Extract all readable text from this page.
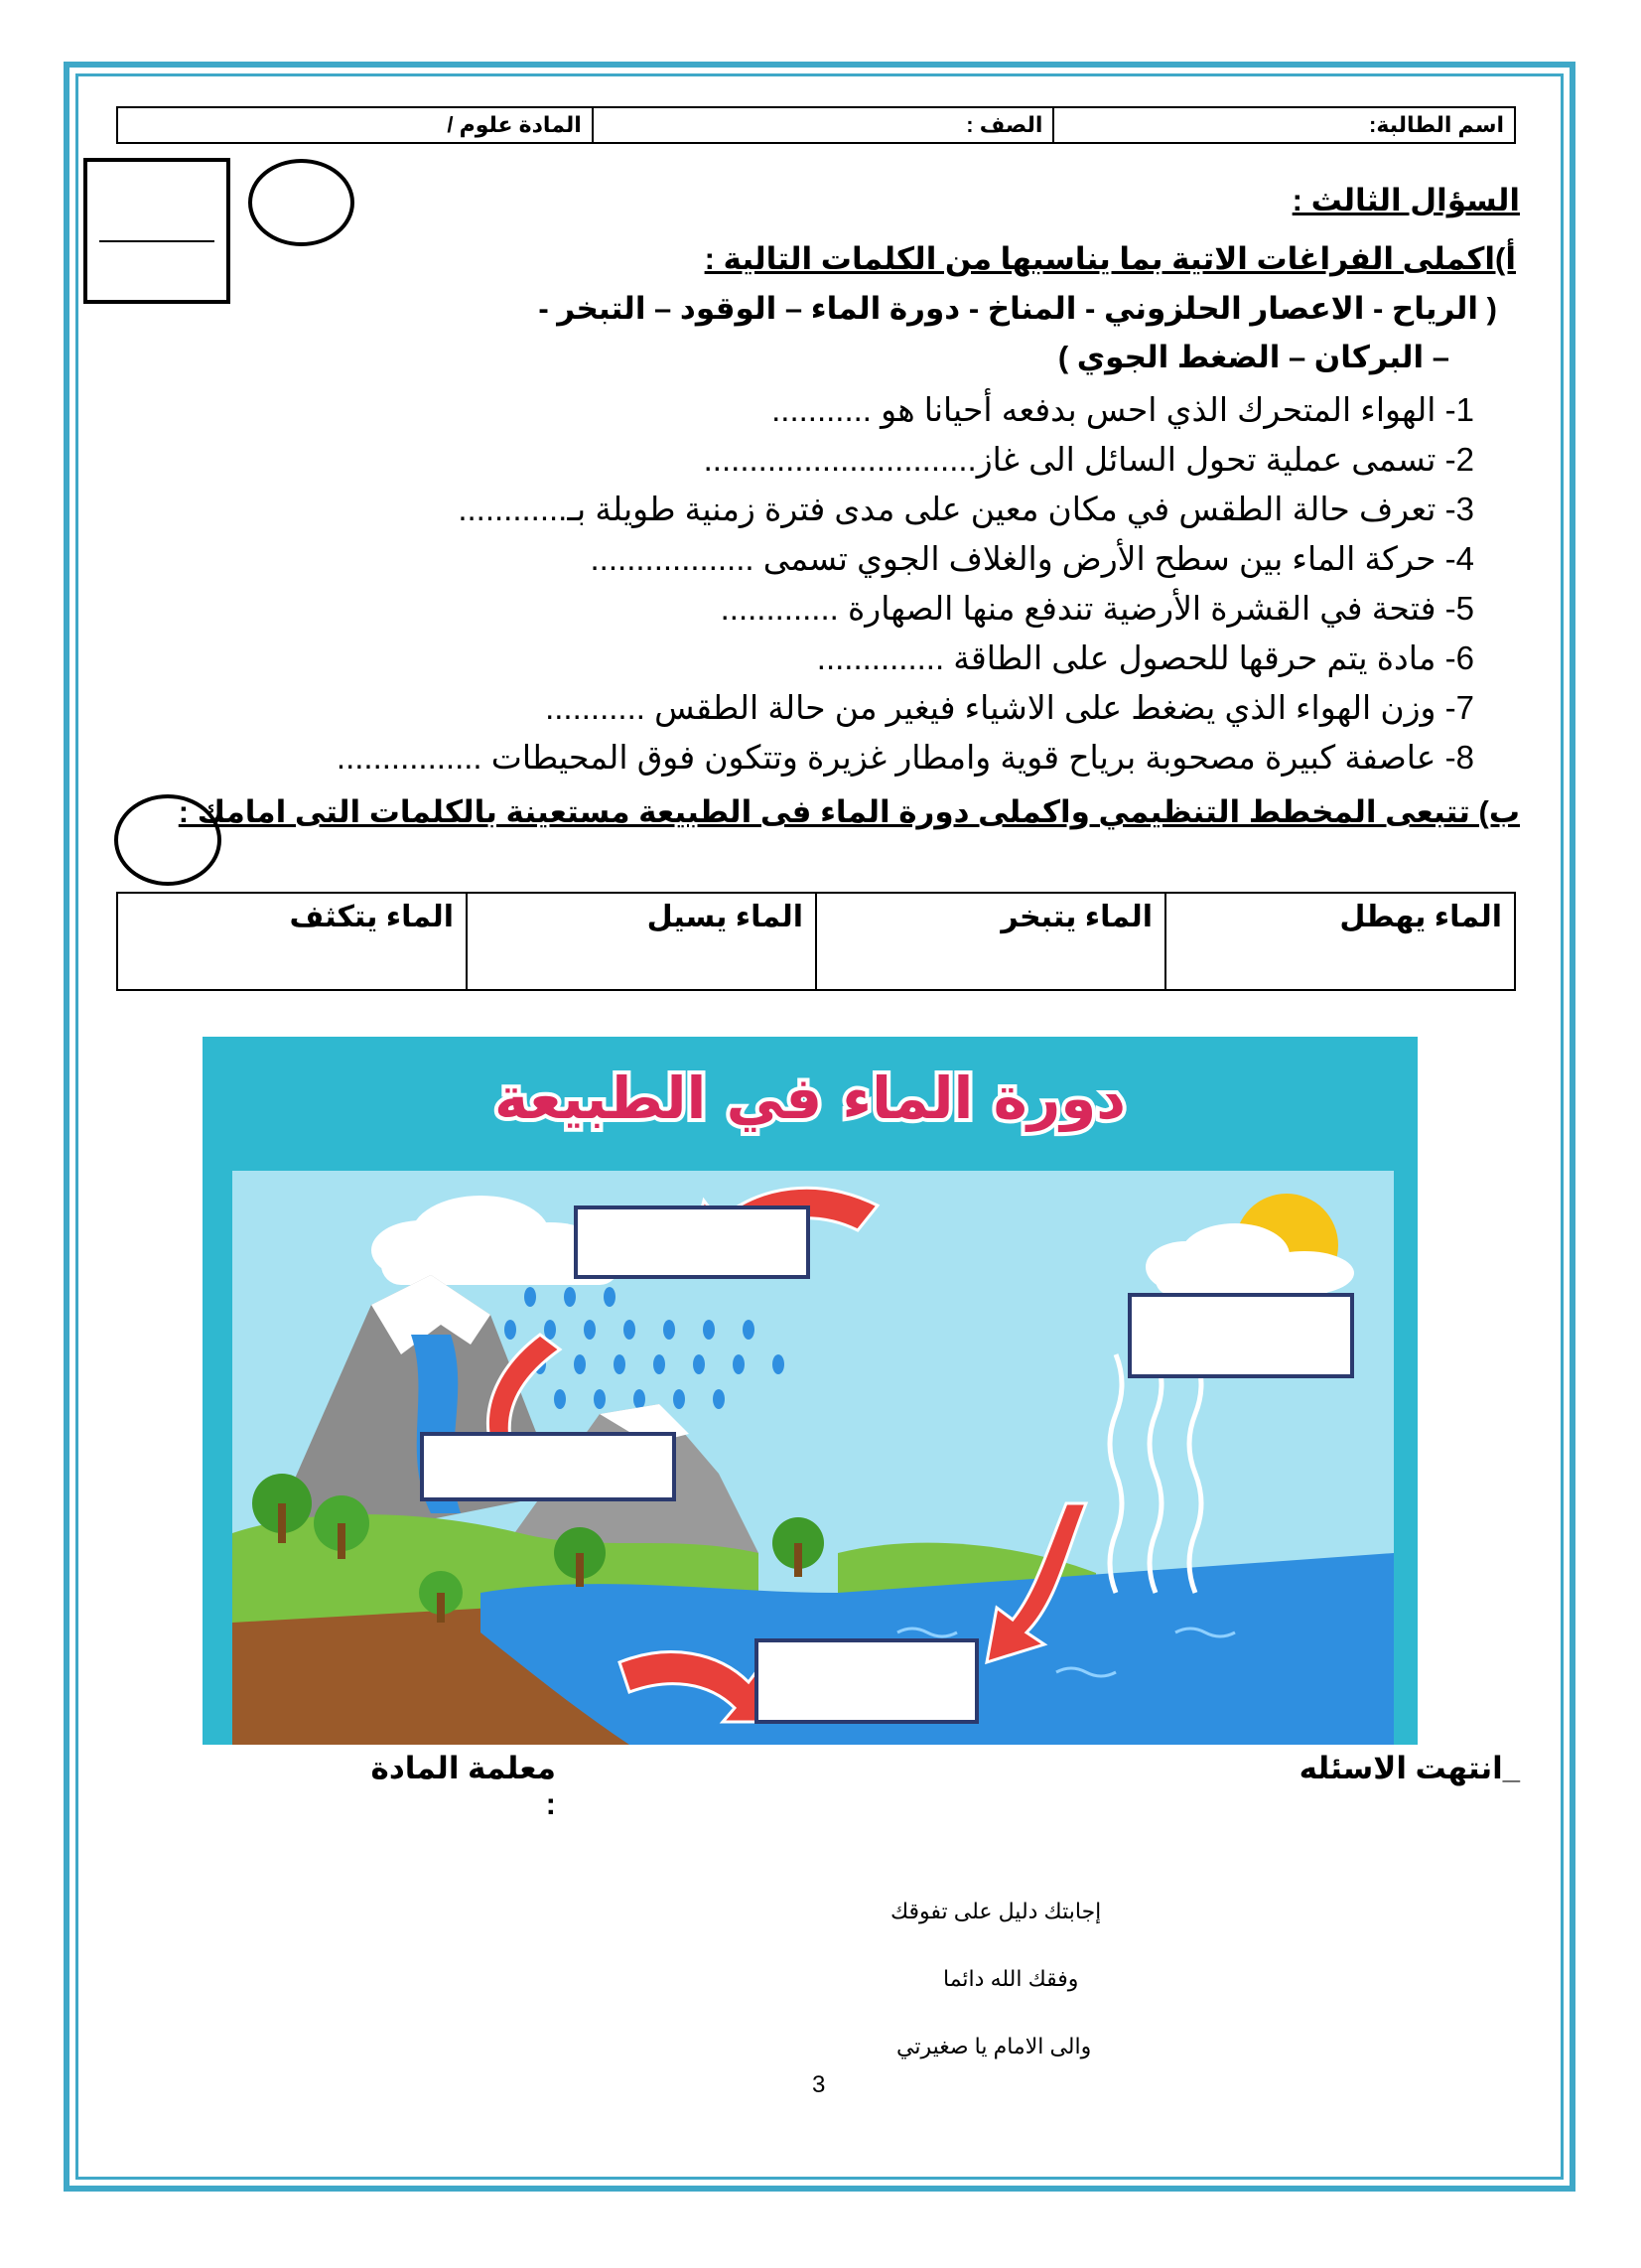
اسم الطالبة:	الصف :	المادة علوم /
السؤال الثالث :
أ)اكملى الفراغات الاتية بما يناسبها من الكلمات التالية :
( الرياح - الاعصار الحلزوني - المناخ - دورة الماء – الوقود – التبخر -
– البركان – الضغط الجوي )
1- الهواء المتحرك الذي احس بدفعه أحيانا هو ...........
2- تسمى عملية تحول السائل الى غاز..............................
3- تعرف حالة الطقس في مكان معين على مدى فترة زمنية طويلة بـ............
4- حركة الماء بين سطح الأرض والغلاف الجوي تسمى ..................
5- فتحة في القشرة الأرضية تندفع منها الصهارة .............
6- مادة يتم حرقها للحصول على الطاقة ..............
7- وزن الهواء الذي يضغط على الاشياء فيغير من حالة الطقس ...........
8- عاصفة كبيرة مصحوبة برياح قوية وامطار غزيرة وتتكون فوق المحيطات ................
ب) تتبعى المخطط التنظيمي واكملى دورة الماء فى الطبيعة مستعينة بالكلمات التى امامك :
الماء يهطل	الماء يتبخر	الماء يسيل	الماء يتكثف
دورة الماء في الطبيعة
_انتهت الاسئله
معلمة المادة :
إجابتك دليل على تفوقك
وفقك الله دائما
والى الامام يا صغيرتي
3
